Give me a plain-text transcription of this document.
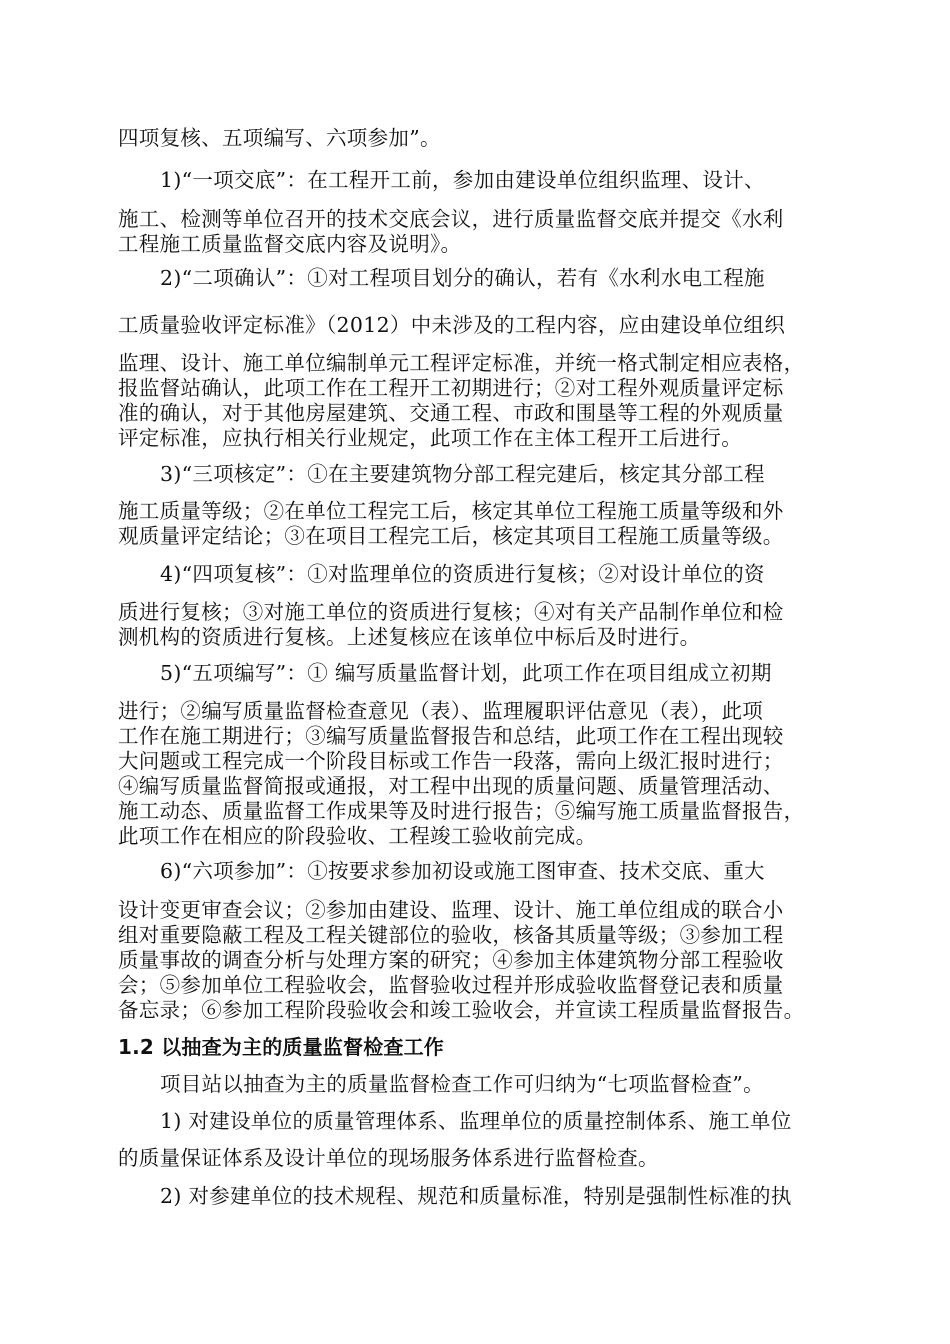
四项复核、五项编写、六项参加”。
1)“一项交底”：在工程开工前，参加由建设单位组织监理、设计、
施工、检测等单位召开的技术交底会议，进行质量监督交底并提交《水利
工程施工质量监督交底内容及说明》。
2)“二项确认”：①对工程项目划分的确认，若有《水利水电工程施
工质量验收评定标准》（2012）中未涉及的工程内容，应由建设单位组织
监理、设计、施工单位编制单元工程评定标准，并统一格式制定相应表格，
报监督站确认，此项工作在工程开工初期进行；②对工程外观质量评定标
准的确认，对于其他房屋建筑、交通工程、市政和围垦等工程的外观质量
评定标准，应执行相关行业规定，此项工作在主体工程开工后进行。
3)“三项核定”：①在主要建筑物分部工程完建后，核定其分部工程
施工质量等级；②在单位工程完工后，核定其单位工程施工质量等级和外
观质量评定结论；③在项目工程完工后，核定其项目工程施工质量等级。
4)“四项复核”：①对监理单位的资质进行复核；②对设计单位的资
质进行复核；③对施工单位的资质进行复核；④对有关产品制作单位和检
测机构的资质进行复核。上述复核应在该单位中标后及时进行。
5)“五项编写”：① 编写质量监督计划，此项工作在项目组成立初期
进行；②编写质量监督检查意见（表）、监理履职评估意见（表），此项
工作在施工期进行；③编写质量监督报告和总结，此项工作在工程出现较
大问题或工程完成一个阶段目标或工作告一段落，需向上级汇报时进行；
④编写质量监督简报或通报，对工程中出现的质量问题、质量管理活动、
施工动态、质量监督工作成果等及时进行报告；⑤编写施工质量监督报告，
此项工作在相应的阶段验收、工程竣工验收前完成。
6)“六项参加”：①按要求参加初设或施工图审查、技术交底、重大
设计变更审查会议；②参加由建设、监理、设计、施工单位组成的联合小
组对重要隐蔽工程及工程关键部位的验收，核备其质量等级；③参加工程
质量事故的调查分析与处理方案的研究；④参加主体建筑物分部工程验收
会；⑤参加单位工程验收会，监督验收过程并形成验收监督登记表和质量
备忘录；⑥参加工程阶段验收会和竣工验收会，并宣读工程质量监督报告。
1.2 以抽查为主的质量监督检查工作
项目站以抽查为主的质量监督检查工作可归纳为“七项监督检查”。
1) 对建设单位的质量管理体系、监理单位的质量控制体系、施工单位
的质量保证体系及设计单位的现场服务体系进行监督检查。
2) 对参建单位的技术规程、规范和质量标准，特别是强制性标准的执
